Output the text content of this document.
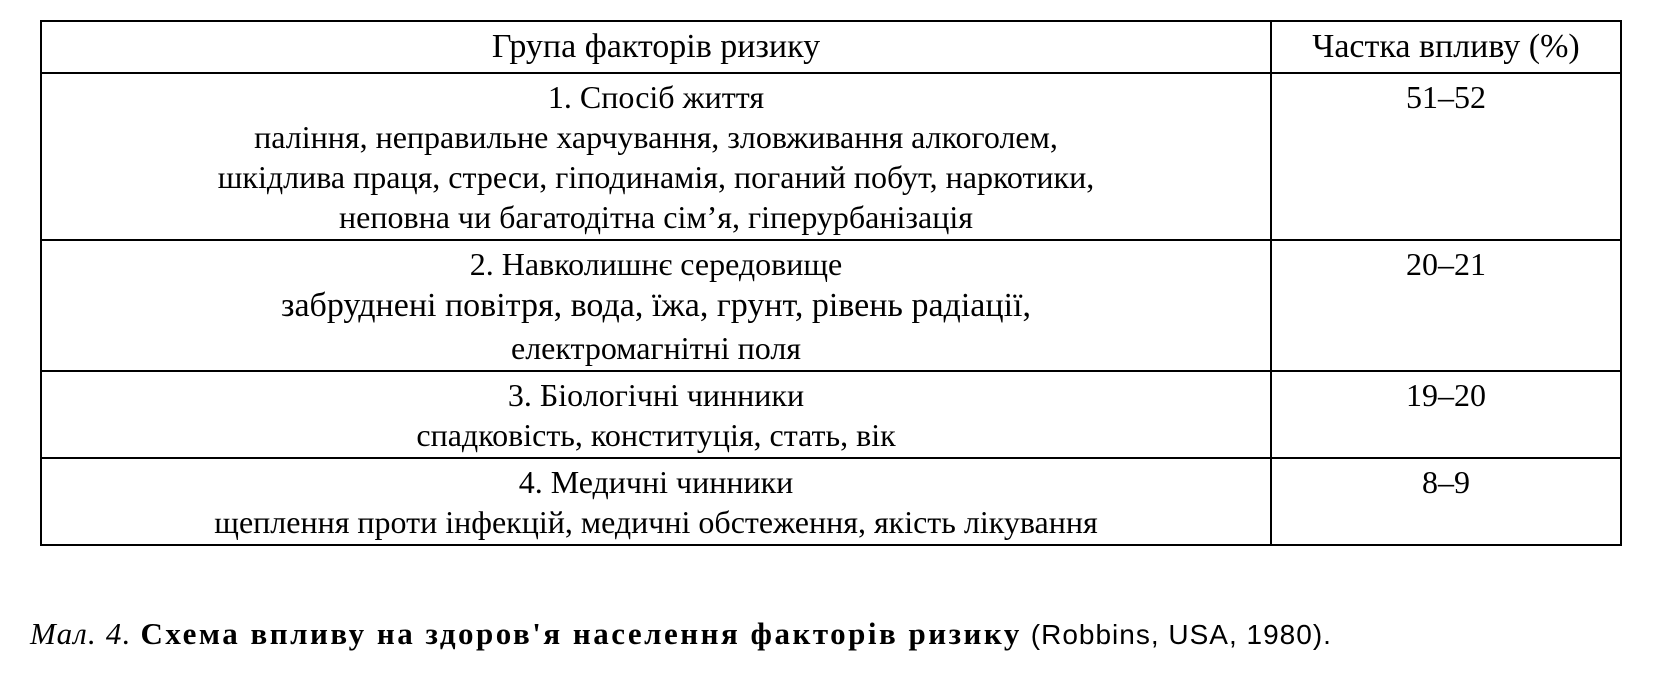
Група факторів ризику	Частка впливу (%)

1. Спосіб життя
паління, неправильне харчування, зловживання алкоголем,
шкідлива праця, стреси, гіподинамія, поганий побут, наркотики,
неповна чи багатодітна сім’я, гіперурбанізація	51–52

2. Навколишнє середовище
забруднені повітря, вода, їжа, грунт, рівень радіації,
електромагнітні поля	20–21

3. Біологічні чинники
спадковість, конституція, стать, вік	19–20

4. Медичні чинники
щеплення проти інфекцій, медичні обстеження, якість лікування	8–9
Мал. 4. Схема впливу на здоров'я населення факторів ризику (Robbins, USA, 1980).
